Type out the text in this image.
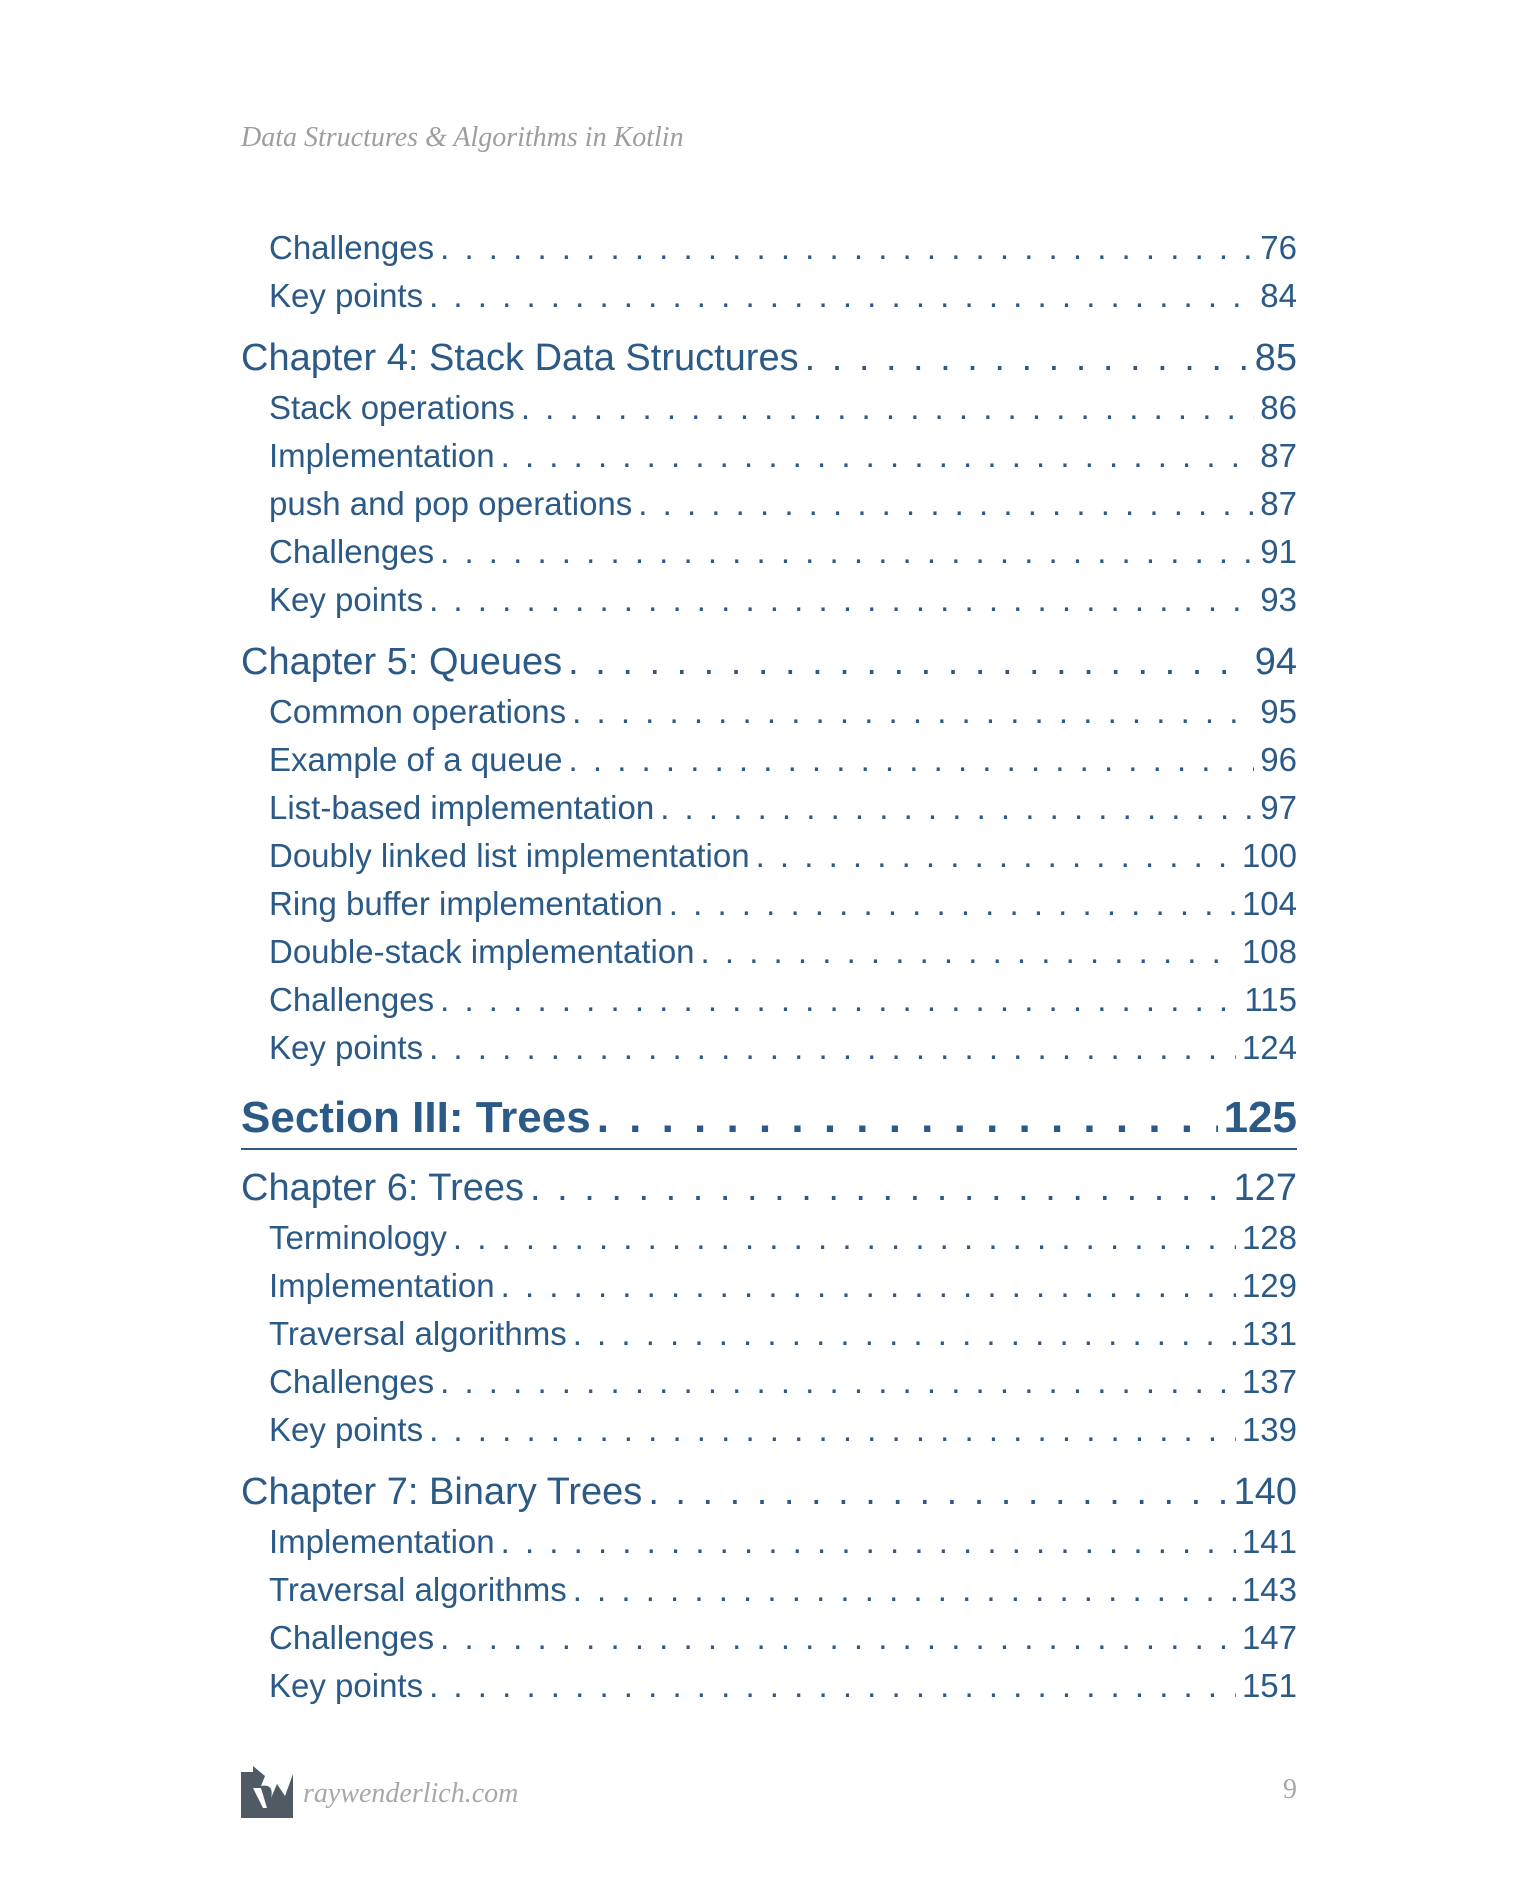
Data Structures & Algorithms in Kotlin

Challenges . . .	76
Key points . . .	84
Chapter 4: Stack Data Structures . . .	85
Stack operations . . .	86
Implementation . . .	87
push and pop operations . . .	87
Challenges . . .	91
Key points . . .	93
Chapter 5: Queues . . .	94
Common operations . . .	95
Example of a queue . . .	96
List-based implementation . . .	97
Doubly linked list implementation . . .	100
Ring buffer implementation . . .	104
Double-stack implementation . . .	108
Challenges . . .	115
Key points . . .	124
Section III: Trees . . .	125
Chapter 6: Trees . . .	127
Terminology . . .	128
Implementation . . .	129
Traversal algorithms . . .	131
Challenges . . .	137
Key points . . .	139
Chapter 7: Binary Trees . . .	140
Implementation . . .	141
Traversal algorithms . . .	143
Challenges . . .	147
Key points . . .	151
raywenderlich.com	9
